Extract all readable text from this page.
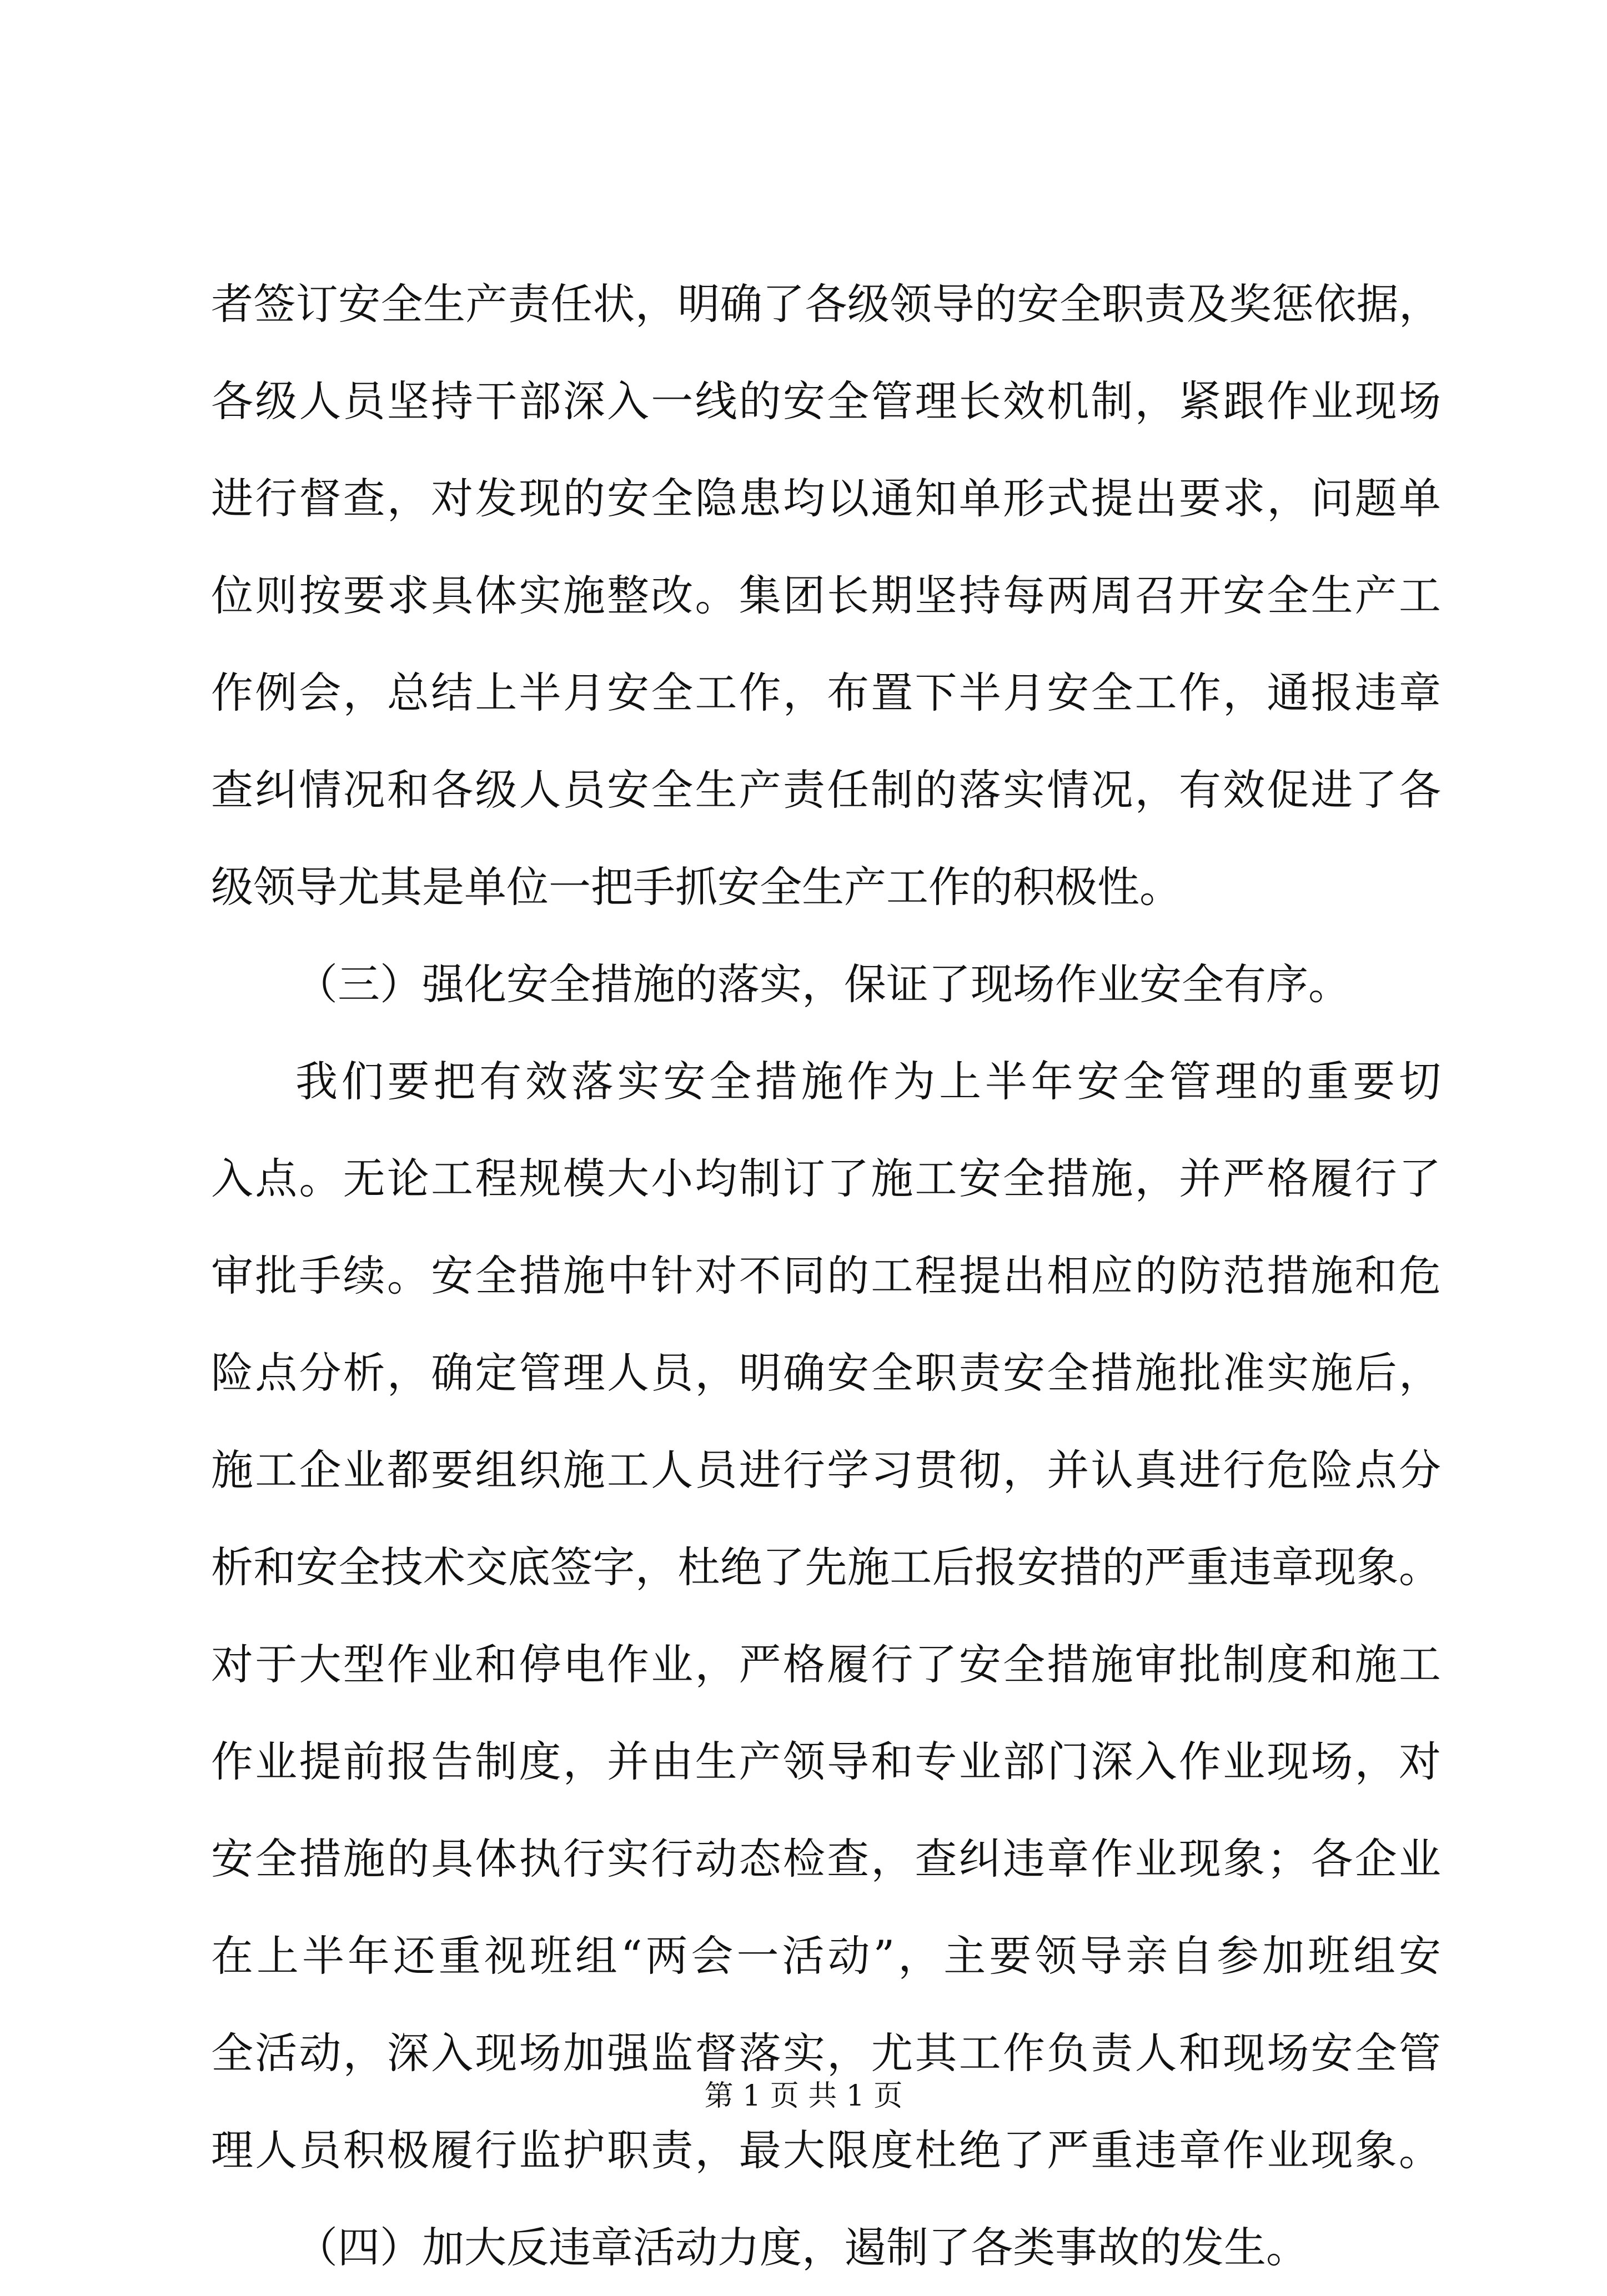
者签订安全生产责任状，明确了各级领导的安全职责及奖惩依据，
各级人员坚持干部深入一线的安全管理长效机制，紧跟作业现场
进行督查，对发现的安全隐患均以通知单形式提出要求，问题单
位则按要求具体实施整改。集团长期坚持每两周召开安全生产工
作例会，总结上半月安全工作，布置下半月安全工作，通报违章
查纠情况和各级人员安全生产责任制的落实情况，有效促进了各
级领导尤其是单位一把手抓安全生产工作的积极性。
（三）强化安全措施的落实，保证了现场作业安全有序。
我们要把有效落实安全措施作为上半年安全管理的重要切
入点。无论工程规模大小均制订了施工安全措施，并严格履行了
审批手续。安全措施中针对不同的工程提出相应的防范措施和危
险点分析，确定管理人员，明确安全职责安全措施批准实施后，
施工企业都要组织施工人员进行学习贯彻，并认真进行危险点分
析和安全技术交底签字，杜绝了先施工后报安措的严重违章现象。
对于大型作业和停电作业，严格履行了安全措施审批制度和施工
作业提前报告制度，并由生产领导和专业部门深入作业现场，对
安全措施的具体执行实行动态检查，查纠违章作业现象；各企业
在上半年还重视班组“两会一活动”，主要领导亲自参加班组安
全活动，深入现场加强监督落实，尤其工作负责人和现场安全管
理人员积极履行监护职责，最大限度杜绝了严重违章作业现象。
（四）加大反违章活动力度，遏制了各类事故的发生。
第 1 页 共 1 页
